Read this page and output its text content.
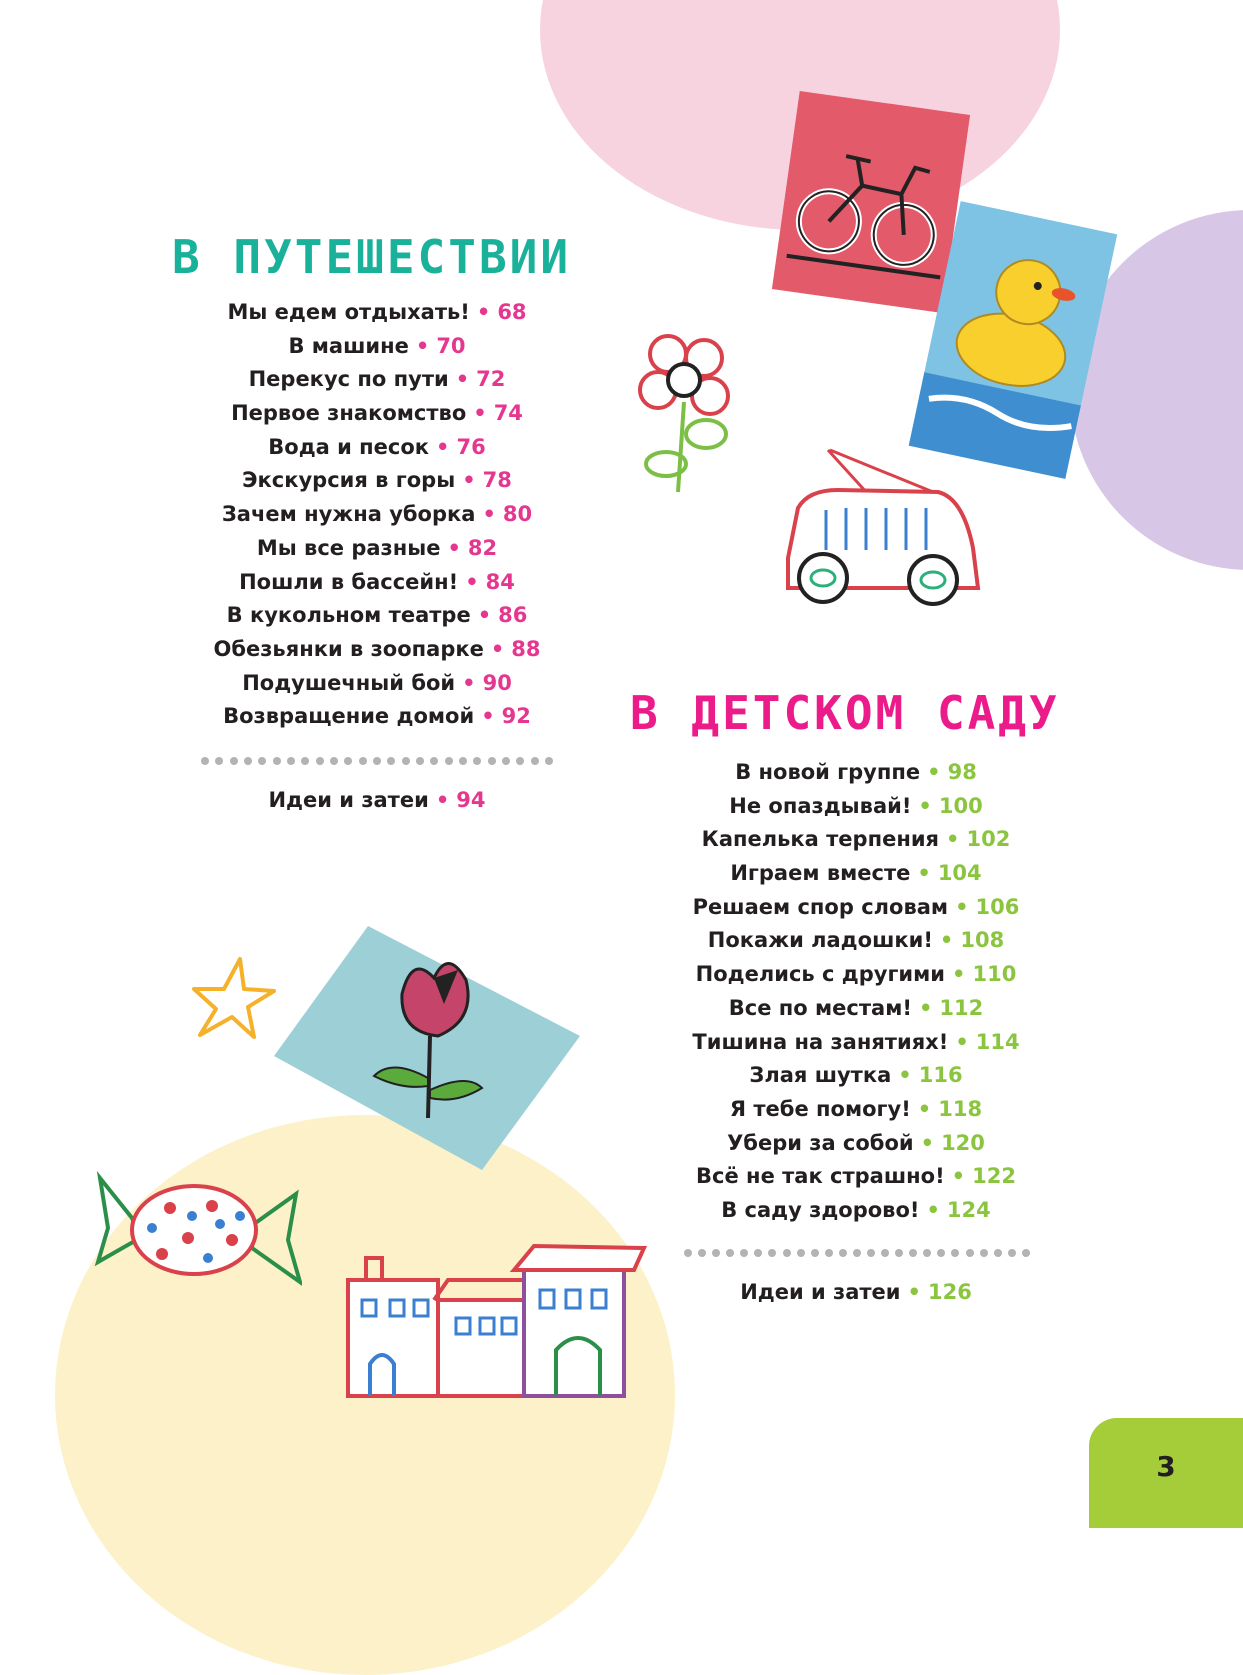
В ПУТЕШЕСТВИИ
Мы едем отдыхать! • 68
В машине • 70
Перекус по пути • 72
Первое знакомство • 74
Вода и песок • 76
Экскурсия в горы • 78
Зачем нужна уборка • 80
Мы все разные • 82
Пошли в бассейн! • 84
В кукольном театре • 86
Обезьянки в зоопарке • 88
Подушечный бой • 90
Возвращение домой • 92
Идеи и затеи • 94
В ДЕТСКОМ САДУ
В новой группе • 98
Не опаздывай! • 100
Капелька терпения • 102
Играем вместе • 104
Решаем спор словам • 106
Покажи ладошки! • 108
Поделись с другими • 110
Все по местам! • 112
Тишина на занятиях! • 114
Злая шутка • 116
Я тебе помогу! • 118
Убери за собой • 120
Всё не так страшно! • 122
В саду здорово! • 124
Идеи и затеи • 126
3
